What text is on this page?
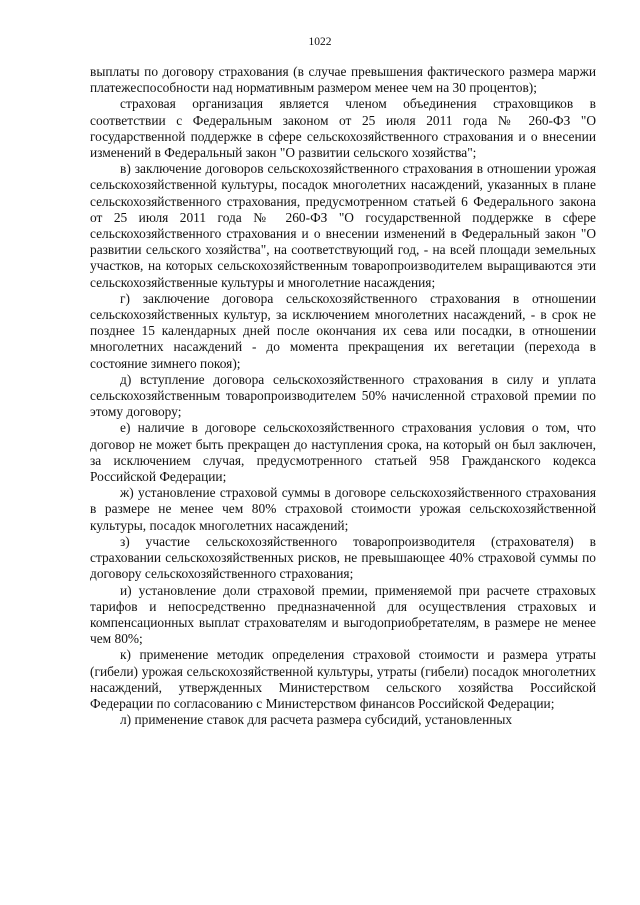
1022

выплаты по договору страхования (в случае превышения фактического размера маржи платежеспособности над нормативным размером менее чем на 30 процентов);

страховая организация является членом объединения страховщиков в соответствии с Федеральным законом от 25 июля 2011 года № 260-ФЗ "О государственной поддержке в сфере сельскохозяйственного страхования и о внесении изменений в Федеральный закон "О развитии сельского хозяйства";

в) заключение договоров сельскохозяйственного страхования в отношении урожая сельскохозяйственной культуры, посадок многолетних насаждений, указанных в плане сельскохозяйственного страхования, предусмотренном статьей 6 Федерального закона от 25 июля 2011 года № 260-ФЗ "О государственной поддержке в сфере сельскохозяйственного страхования и о внесении изменений в Федеральный закон "О развитии сельского хозяйства", на соответствующий год, - на всей площади земельных участков, на которых сельскохозяйственным товаропроизводителем выращиваются эти сельскохозяйственные культуры и многолетние насаждения;

г) заключение договора сельскохозяйственного страхования в отношении сельскохозяйственных культур, за исключением многолетних насаждений, - в срок не позднее 15 календарных дней после окончания их сева или посадки, в отношении многолетних насаждений - до момента прекращения их вегетации (перехода в состояние зимнего покоя);

д) вступление договора сельскохозяйственного страхования в силу и уплата сельскохозяйственным товаропроизводителем 50% начисленной страховой премии по этому договору;

е) наличие в договоре сельскохозяйственного страхования условия о том, что договор не может быть прекращен до наступления срока, на который он был заключен, за исключением случая, предусмотренного статьей 958 Гражданского кодекса Российской Федерации;

ж) установление страховой суммы в договоре сельскохозяйственного страхования в размере не менее чем 80% страховой стоимости урожая сельскохозяйственной культуры, посадок многолетних насаждений;

з) участие сельскохозяйственного товаропроизводителя (страхователя) в страховании сельскохозяйственных рисков, не превышающее 40% страховой суммы по договору сельскохозяйственного страхования;

и) установление доли страховой премии, применяемой при расчете страховых тарифов и непосредственно предназначенной для осуществления страховых и компенсационных выплат страхователям и выгодоприобретателям, в размере не менее чем 80%;

к) применение методик определения страховой стоимости и размера утраты (гибели) урожая сельскохозяйственной культуры, утраты (гибели) посадок многолетних насаждений, утвержденных Министерством сельского хозяйства Российской Федерации по согласованию с Министерством финансов Российской Федерации;

л) применение ставок для расчета размера субсидий, установленных
